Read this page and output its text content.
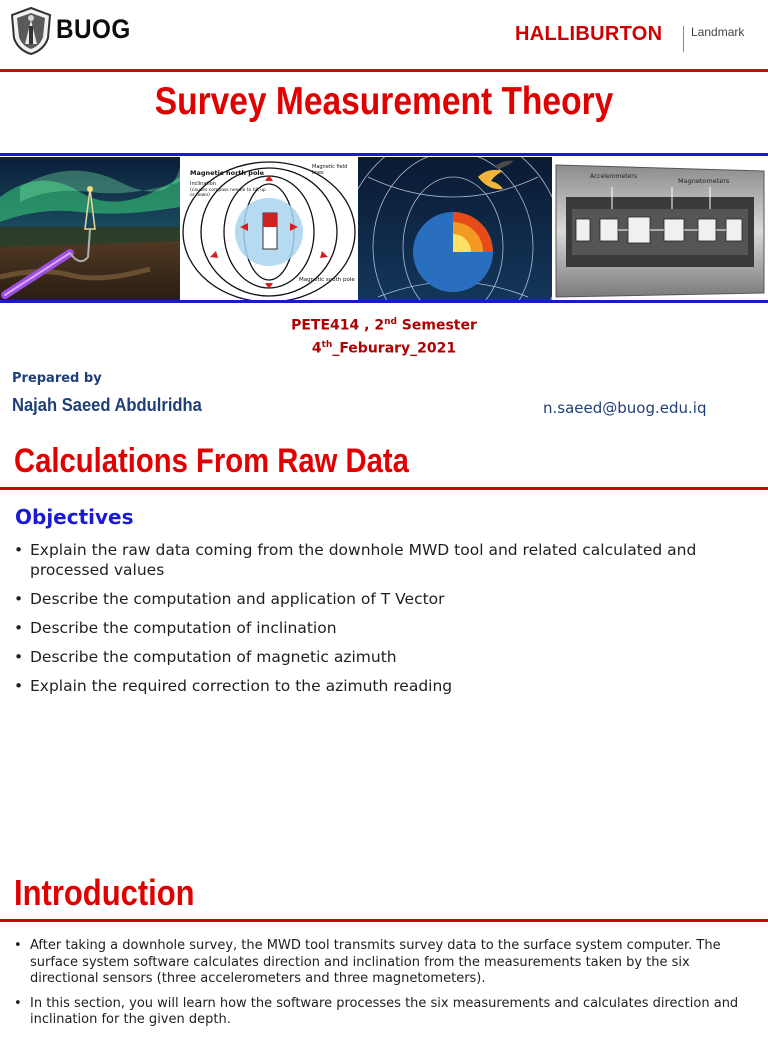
BUOG	HALLIBURTON Landmark
Survey Measurement Theory
Magnetic north pole
Inclination
(causes compass needle to tilt up or down)
Magnetic field lines
Magnetic south pole
Accelerometers
Magnetometers
PETE414 , 2nd Semester
4th_Feburary_2021
Prepared by
Najah Saeed Abdulridha	n.saeed@buog.edu.iq
Calculations From Raw Data
Objectives
• Explain the raw data coming from the downhole MWD tool and related calculated and processed values
• Describe the computation and application of T Vector
• Describe the computation of inclination
• Describe the computation of magnetic azimuth
• Explain the required correction to the azimuth reading
Introduction
• After taking a downhole survey, the MWD tool transmits survey data to the surface system computer. The surface system software calculates direction and inclination from the measurements taken by the six directional sensors (three accelerometers and three magnetometers).
• In this section, you will learn how the software processes the six measurements and calculates direction and inclination for the given depth.
